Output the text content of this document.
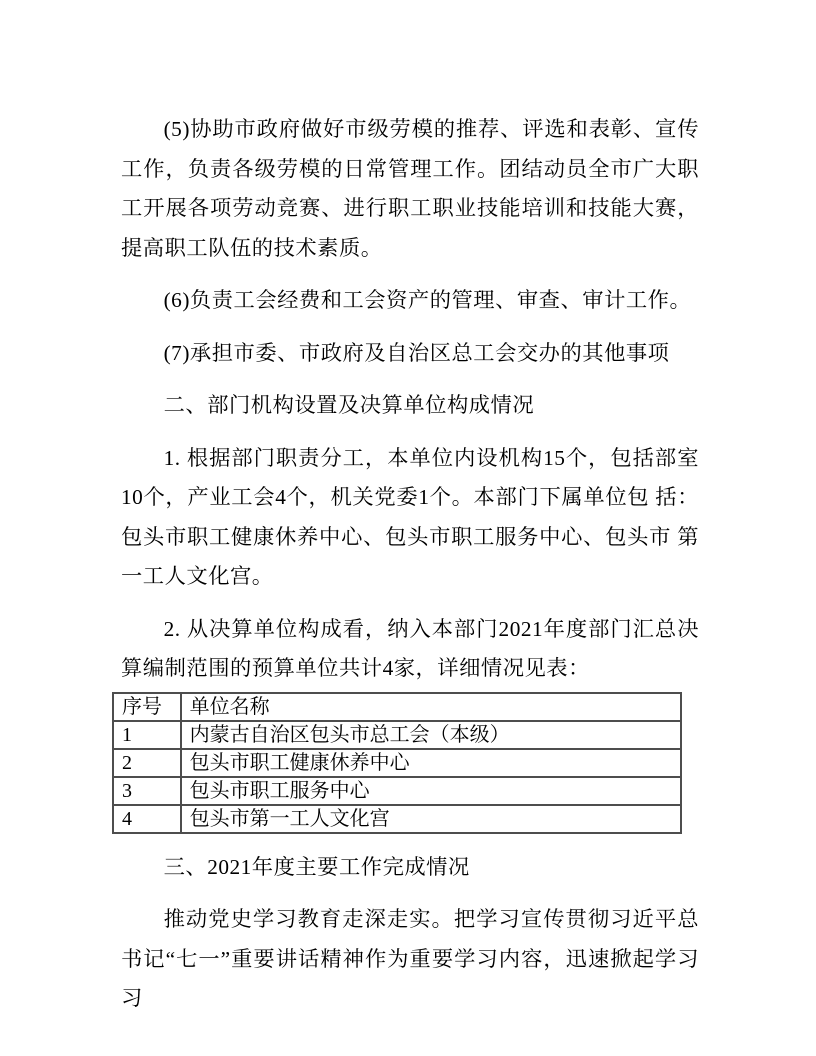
(5)协助市政府做好市级劳模的推荐、评选和表彰、宣传工作，负责各级劳模的日常管理工作。团结动员全市广大职工开展各项劳动竞赛、进行职工职业技能培训和技能大赛，提高职工队伍的技术素质。

(6)负责工会经费和工会资产的管理、审查、审计工作。

(7)承担市委、市政府及自治区总工会交办的其他事项

二、部门机构设置及决算单位构成情况

1. 根据部门职责分工，本单位内设机构15个，包括部室10个，产业工会4个，机关党委1个。本部门下属单位包 括：包头市职工健康休养中心、包头市职工服务中心、包头市 第一工人文化宫。

2. 从决算单位构成看，纳入本部门2021年度部门汇总决算编制范围的预算单位共计4家，详细情况见表：

序号	单位名称
1	内蒙古自治区包头市总工会（本级）
2	包头市职工健康休养中心
3	包头市职工服务中心
4	包头市第一工人文化宫

三、2021年度主要工作完成情况

推动党史学习教育走深走实。把学习宣传贯彻习近平总书记“七一”重要讲话精神作为重要学习内容，迅速掀起学习习
